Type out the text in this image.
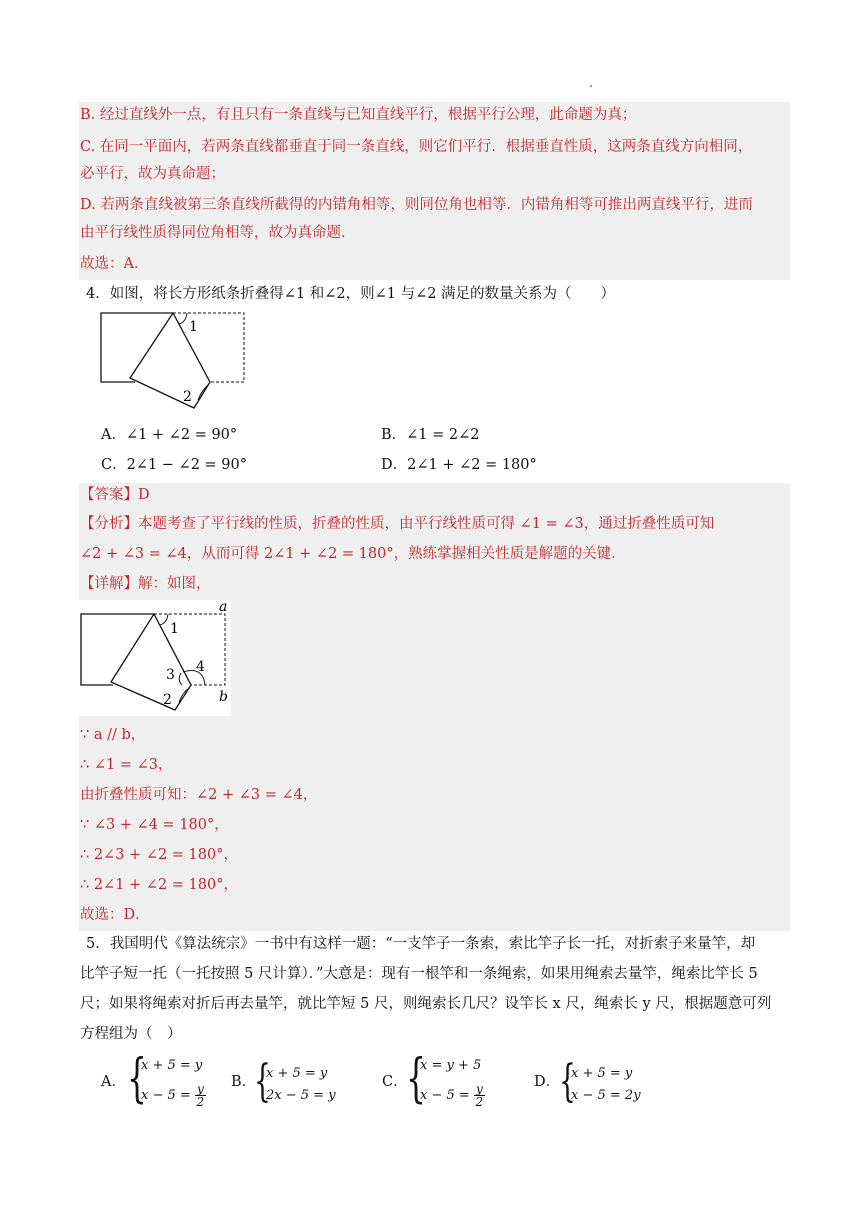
B. 经过直线外一点，有且只有一条直线与已知直线平行，根据平行公理，此命题为真；
C. 在同一平面内，若两条直线都垂直于同一条直线，则它们平行．根据垂直性质，这两条直线方向相同，
必平行，故为真命题；
D. 若两条直线被第三条直线所截得的内错角相等，则同位角也相等．内错角相等可推出两直线平行，进而
由平行线性质得同位角相等，故为真命题．
故选：A．
4．如图，将长方形纸条折叠得∠1 和∠2，则∠1 与∠2 满足的数量关系为（　　）
1
2
A．∠1 + ∠2 = 90°	B．∠1 = 2∠2
C．2∠1 − ∠2 = 90°	D．2∠1 + ∠2 = 180°
【答案】D
【分析】本题考查了平行线的性质，折叠的性质，由平行线性质可得 ∠1 = ∠3，通过折叠性质可知
∠2 + ∠3 = ∠4，从而可得 2∠1 + ∠2 = 180°，熟练掌握相关性质是解题的关键．
【详解】解：如图，
a
b
1
2
3 4
∵ a // b，
∴ ∠1 = ∠3，
由折叠性质可知：∠2 + ∠3 = ∠4，
∵ ∠3 + ∠4 = 180°，
∴ 2∠3 + ∠2 = 180°，
∴ 2∠1 + ∠2 = 180°，
故选：D．
5．我国明代《算法统宗》一书中有这样一题：“一支竿子一条索，索比竿子长一托，对折索子来量竿，却
比竿子短一托（一托按照 5 尺计算）．”大意是：现有一根竿和一条绳索，如果用绳索去量竿，绳索比竿长 5
尺；如果将绳索对折后再去量竿，就比竿短 5 尺，则绳索长几尺？设竿长 x 尺，绳索长 y 尺，根据题意可列
方程组为（　）
A． {
x + 5 = y
$x - 5 = \frac{y}{2}$
B．
{
x + 5 = y
2x − 5 = y
C．
{
x = y + 5
$x - 5 = \frac{y}{2}$
D．
{
x + 5 = y
x − 5 = 2y
